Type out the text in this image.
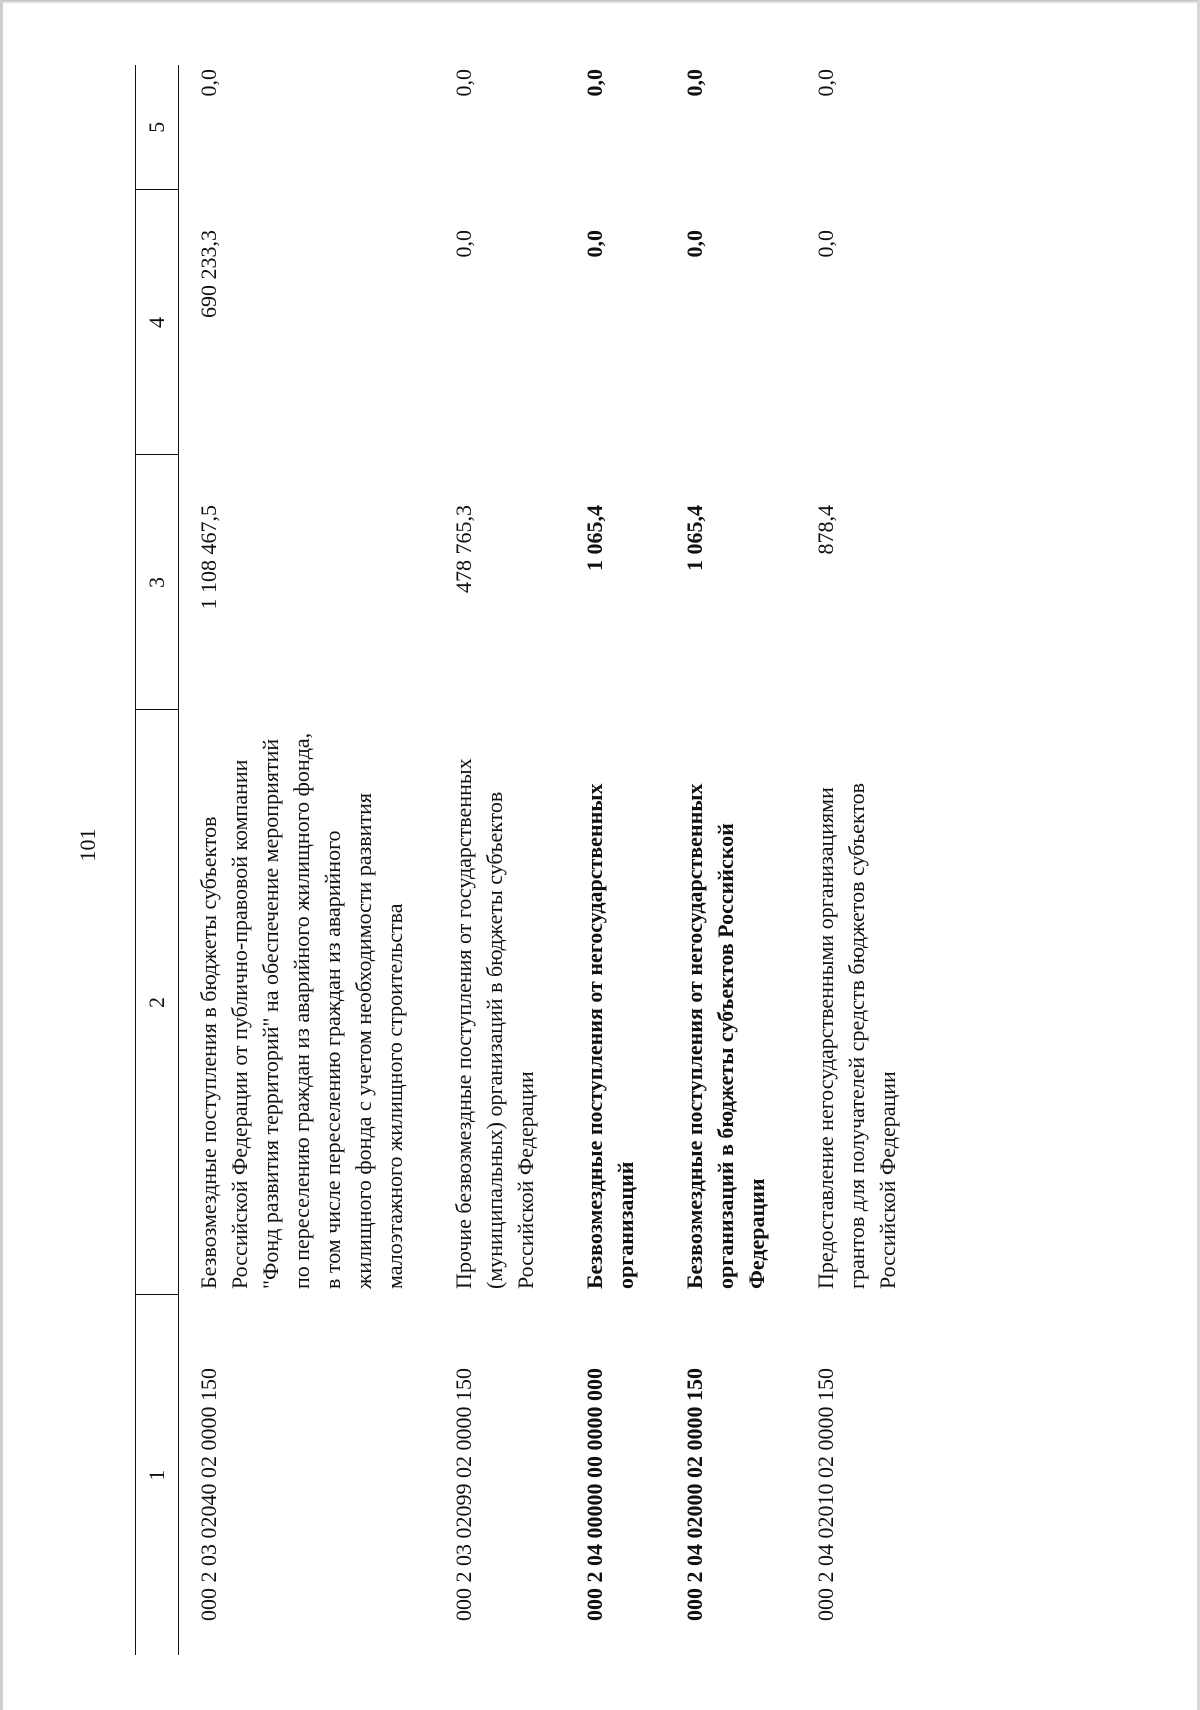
101
1	2	3	4	5
000 2 03 02040 02 0000 150	Безвозмездные поступления в бюджеты субъектов Российской Федерации от публично-правовой компании "Фонд развития территорий" на обеспечение мероприятий по переселению граждан из аварийного жилищного фонда, в том числе переселению граждан из аварийного жилищного фонда с учетом необходимости развития малоэтажного жилищного строительства	1 108 467,5	690 233,3	0,0
000 2 03 02099 02 0000 150	Прочие безвозмездные поступления от государственных (муниципальных) организаций в бюджеты субъектов Российской Федерации	478 765,3	0,0	0,0
000 2 04 00000 00 0000 000	Безвозмездные поступления от негосударственных организаций	1 065,4	0,0	0,0
000 2 04 02000 02 0000 150	Безвозмездные поступления от негосударственных организаций в бюджеты субъектов Российской Федерации	1 065,4	0,0	0,0
000 2 04 02010 02 0000 150	Предоставление негосударственными организациями грантов для получателей средств бюджетов субъектов Российской Федерации	878,4	0,0	0,0
